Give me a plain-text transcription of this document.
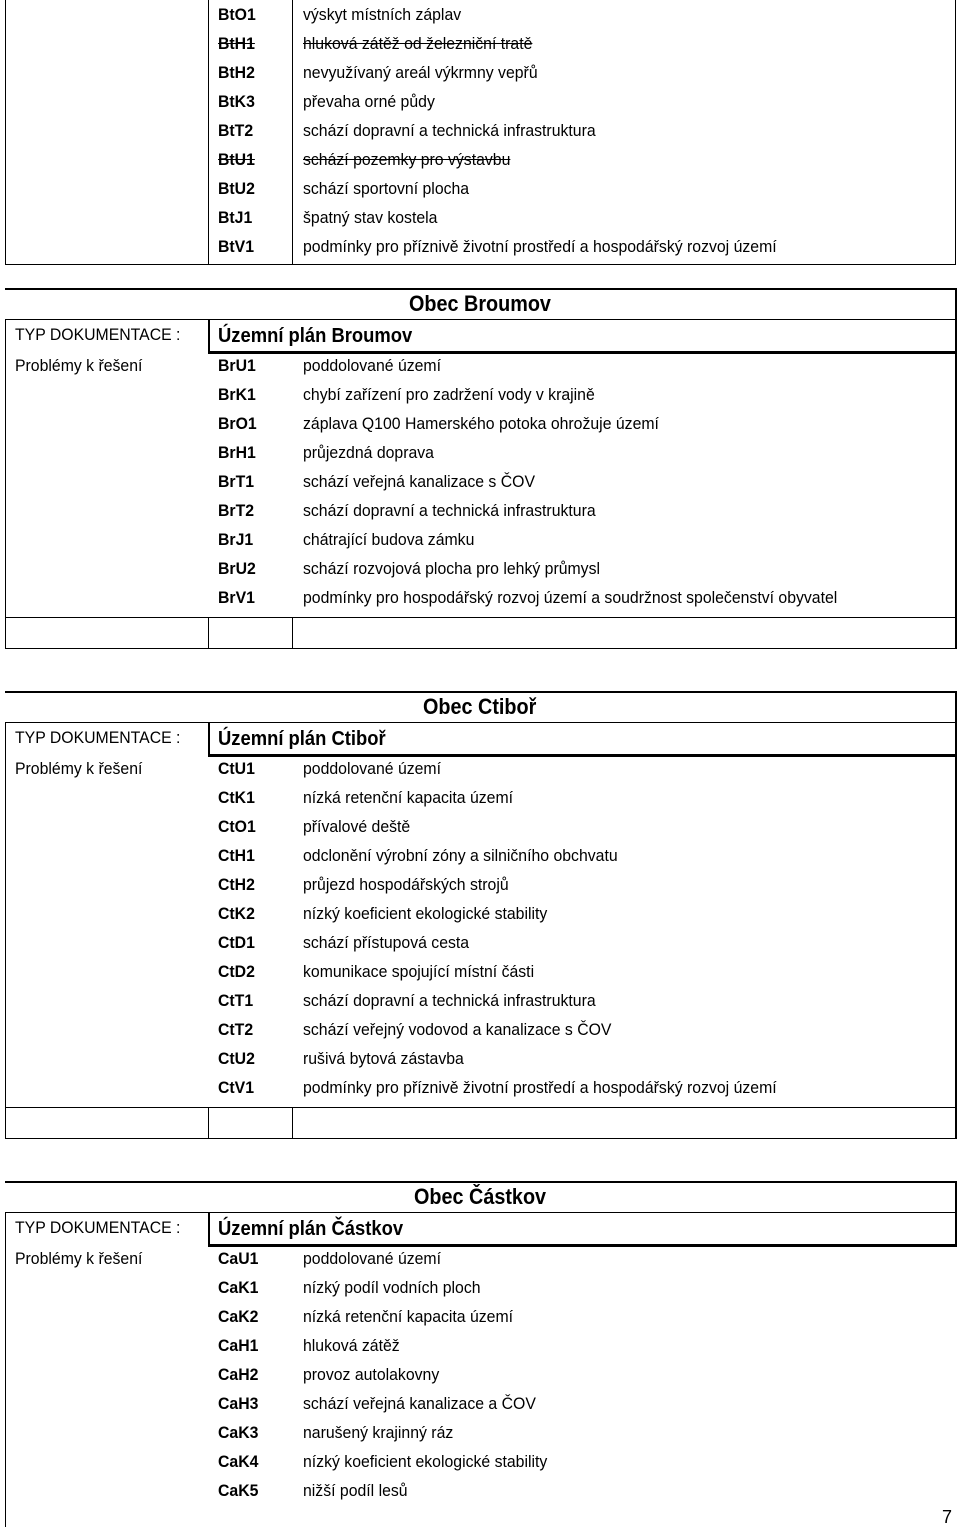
BtO1	výskyt místních záplav
BtH1	hluková zátěž od železniční tratě
BtH2	nevyužívaný areál výkrmny vepřů
BtK3	převaha orné půdy
BtT2	schází dopravní a technická infrastruktura
BtU1	schází pozemky pro výstavbu
BtU2	schází sportovní plocha
BtJ1	špatný stav kostela
BtV1	podmínky pro příznivě životní prostředí a hospodářský rozvoj území
Obec Broumov
TYP DOKUMENTACE : Územní plán Broumov
Problémy k řešení	BrU1	poddolované území
BrK1	chybí zařízení pro zadržení vody v krajině
BrO1	záplava Q100 Hamerského potoka ohrožuje území
BrH1	průjezdná doprava
BrT1	schází veřejná kanalizace s ČOV
BrT2	schází dopravní a technická infrastruktura
BrJ1	chátrající budova zámku
BrU2	schází rozvojová plocha pro lehký průmysl
BrV1	podmínky pro hospodářský rozvoj území a soudržnost společenství obyvatel
Obec Ctiboř
TYP DOKUMENTACE : Územní plán Ctiboř
Problémy k řešení	CtU1	poddolované území
CtK1	nízká retenční kapacita území
CtO1	přívalové deště
CtH1	odclonění výrobní zóny a silničního obchvatu
CtH2	průjezd hospodářských strojů
CtK2	nízký koeficient ekologické stability
CtD1	schází přístupová cesta
CtD2	komunikace spojující místní části
CtT1	schází dopravní a technická infrastruktura
CtT2	schází veřejný vodovod a kanalizace s ČOV
CtU2	rušivá bytová zástavba
CtV1	podmínky pro příznivě životní prostředí a hospodářský rozvoj území
Obec Částkov
TYP DOKUMENTACE : Územní plán Částkov
Problémy k řešení	CaU1	poddolované území
CaK1	nízký podíl vodních ploch
CaK2	nízká retenční kapacita území
CaH1	hluková zátěž
CaH2	provoz autolakovny
CaH3	schází veřejná kanalizace a ČOV
CaK3	narušený krajinný ráz
CaK4	nízký koeficient ekologické stability
CaK5	nižší podíl lesů
7
